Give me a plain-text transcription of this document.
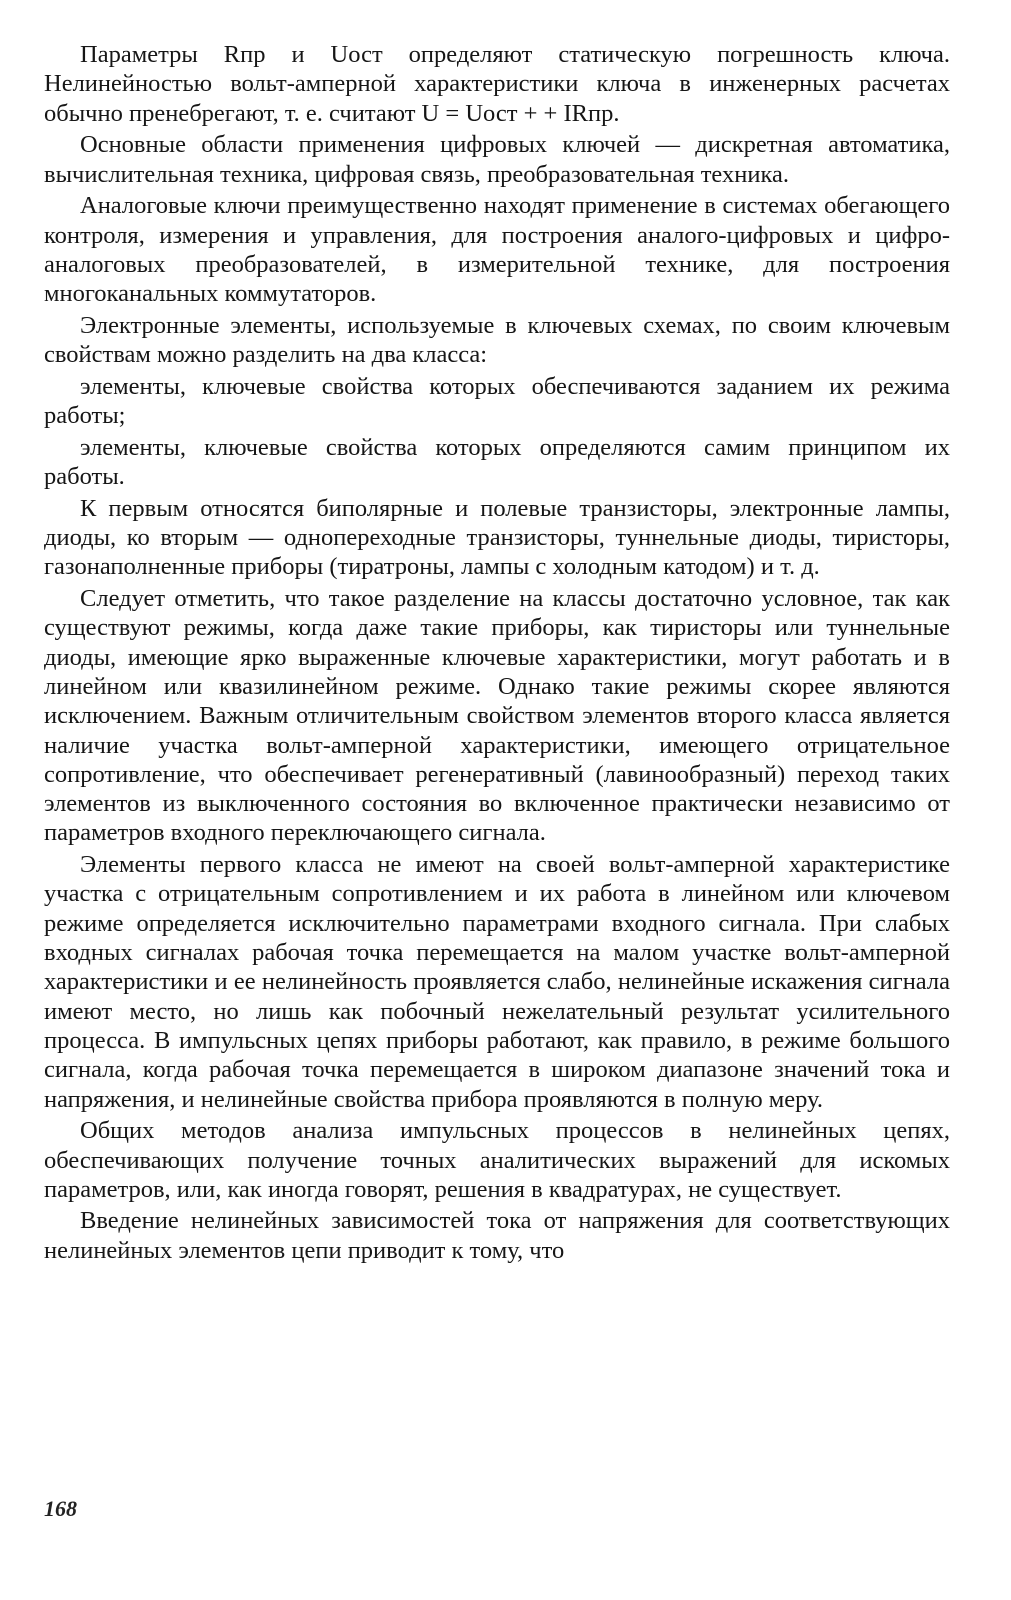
Параметры Rпр и Uост определяют статическую погрешность ключа. Нелинейностью вольт-амперной характеристики ключа в инженерных расчетах обычно пренебрегают, т. е. считают U = Uост + + IRпр.

Основные области применения цифровых ключей — дискретная автоматика, вычислительная техника, цифровая связь, преобразовательная техника.

Аналоговые ключи преимущественно находят применение в системах обегающего контроля, измерения и управления, для построения аналого-цифровых и цифро-аналоговых преобразователей, в измерительной технике, для построения многоканальных коммутаторов.

Электронные элементы, используемые в ключевых схемах, по своим ключевым свойствам можно разделить на два класса:

элементы, ключевые свойства которых обеспечиваются заданием их режима работы;

элементы, ключевые свойства которых определяются самим принципом их работы.

К первым относятся биполярные и полевые транзисторы, электронные лампы, диоды, ко вторым — однопереходные транзисторы, туннельные диоды, тиристоры, газонаполненные приборы (тиратроны, лампы с холодным катодом) и т. д.

Следует отметить, что такое разделение на классы достаточно условное, так как существуют режимы, когда даже такие приборы, как тиристоры или туннельные диоды, имеющие ярко выраженные ключевые характеристики, могут работать и в линейном или квазилинейном режиме. Однако такие режимы скорее являются исключением. Важным отличительным свойством элементов второго класса является наличие участка вольт-амперной характеристики, имеющего отрицательное сопротивление, что обеспечивает регенеративный (лавинообразный) переход таких элементов из выключенного состояния во включенное практически независимо от параметров входного переключающего сигнала.

Элементы первого класса не имеют на своей вольт-амперной характеристике участка с отрицательным сопротивлением и их работа в линейном или ключевом режиме определяется исключительно параметрами входного сигнала. При слабых входных сигналах рабочая точка перемещается на малом участке вольт-амперной характеристики и ее нелинейность проявляется слабо, нелинейные искажения сигнала имеют место, но лишь как побочный нежелательный результат усилительного процесса. В импульсных цепях приборы работают, как правило, в режиме большого сигнала, когда рабочая точка перемещается в широком диапазоне значений тока и напряжения, и нелинейные свойства прибора проявляются в полную меру.

Общих методов анализа импульсных процессов в нелинейных цепях, обеспечивающих получение точных аналитических выражений для искомых параметров, или, как иногда говорят, решения в квадратурах, не существует.

Введение нелинейных зависимостей тока от напряжения для соответствующих нелинейных элементов цепи приводит к тому, что

168
